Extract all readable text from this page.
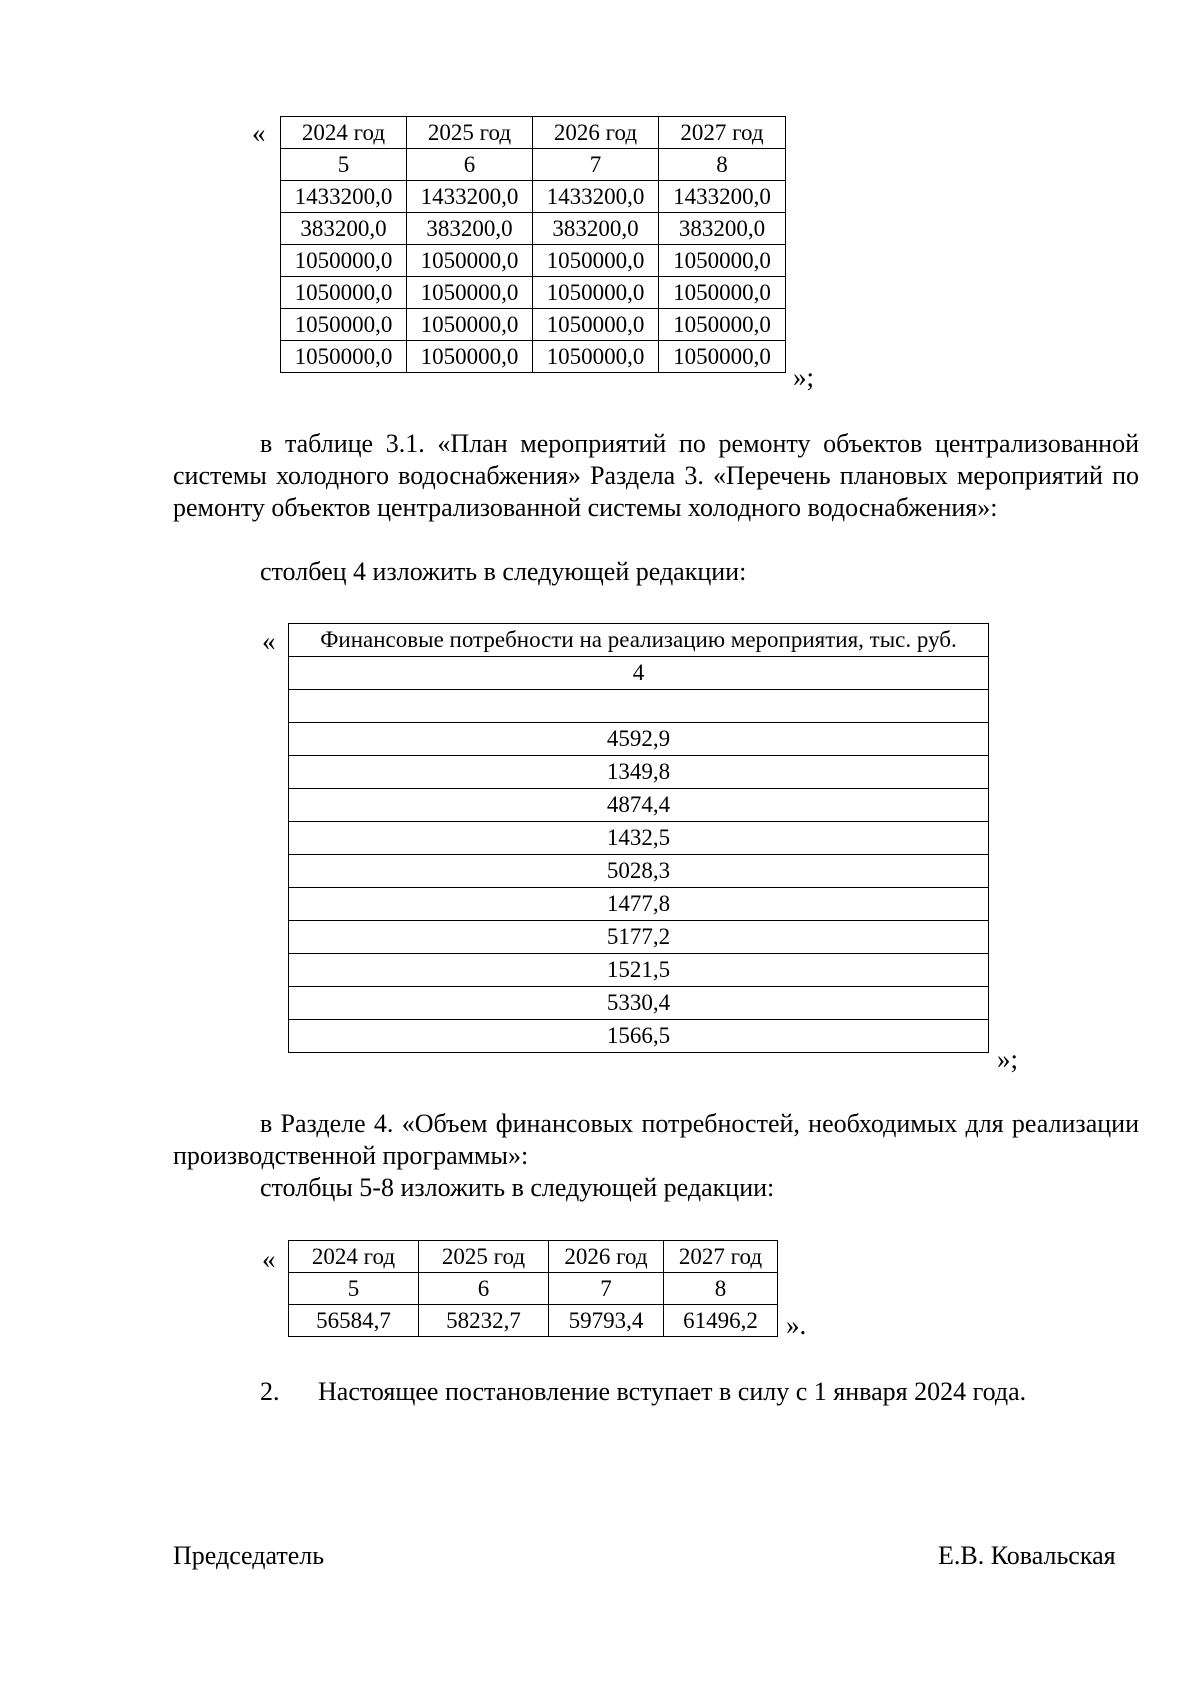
« 2024 год	2025 год	2026 год	2027 год
5	6	7	8
1433200,0	1433200,0	1433200,0	1433200,0
383200,0	383200,0	383200,0	383200,0
1050000,0	1050000,0	1050000,0	1050000,0
1050000,0	1050000,0	1050000,0	1050000,0
1050000,0	1050000,0	1050000,0	1050000,0
1050000,0	1050000,0	1050000,0	1050000,0
»;
в таблице 3.1. «План мероприятий по ремонту объектов централизованной системы холодного водоснабжения» Раздела 3. «Перечень плановых мероприятий по ремонту объектов централизованной системы холодного водоснабжения»:
столбец 4 изложить в следующей редакции:
« Финансовые потребности на реализацию мероприятия, тыс. руб.
4

4592,9
1349,8
4874,4
1432,5
5028,3
1477,8
5177,2
1521,5
5330,4
1566,5
»;
в Разделе 4. «Объем финансовых потребностей, необходимых для реализации производственной программы»:
столбцы 5-8 изложить в следующей редакции:
« 2024 год	2025 год	2026 год	2027 год
5	6	7	8
56584,7	58232,7	59793,4	61496,2 ».
2. Настоящее постановление вступает в силу с 1 января 2024 года.
Председатель	Е.В. Ковальская
